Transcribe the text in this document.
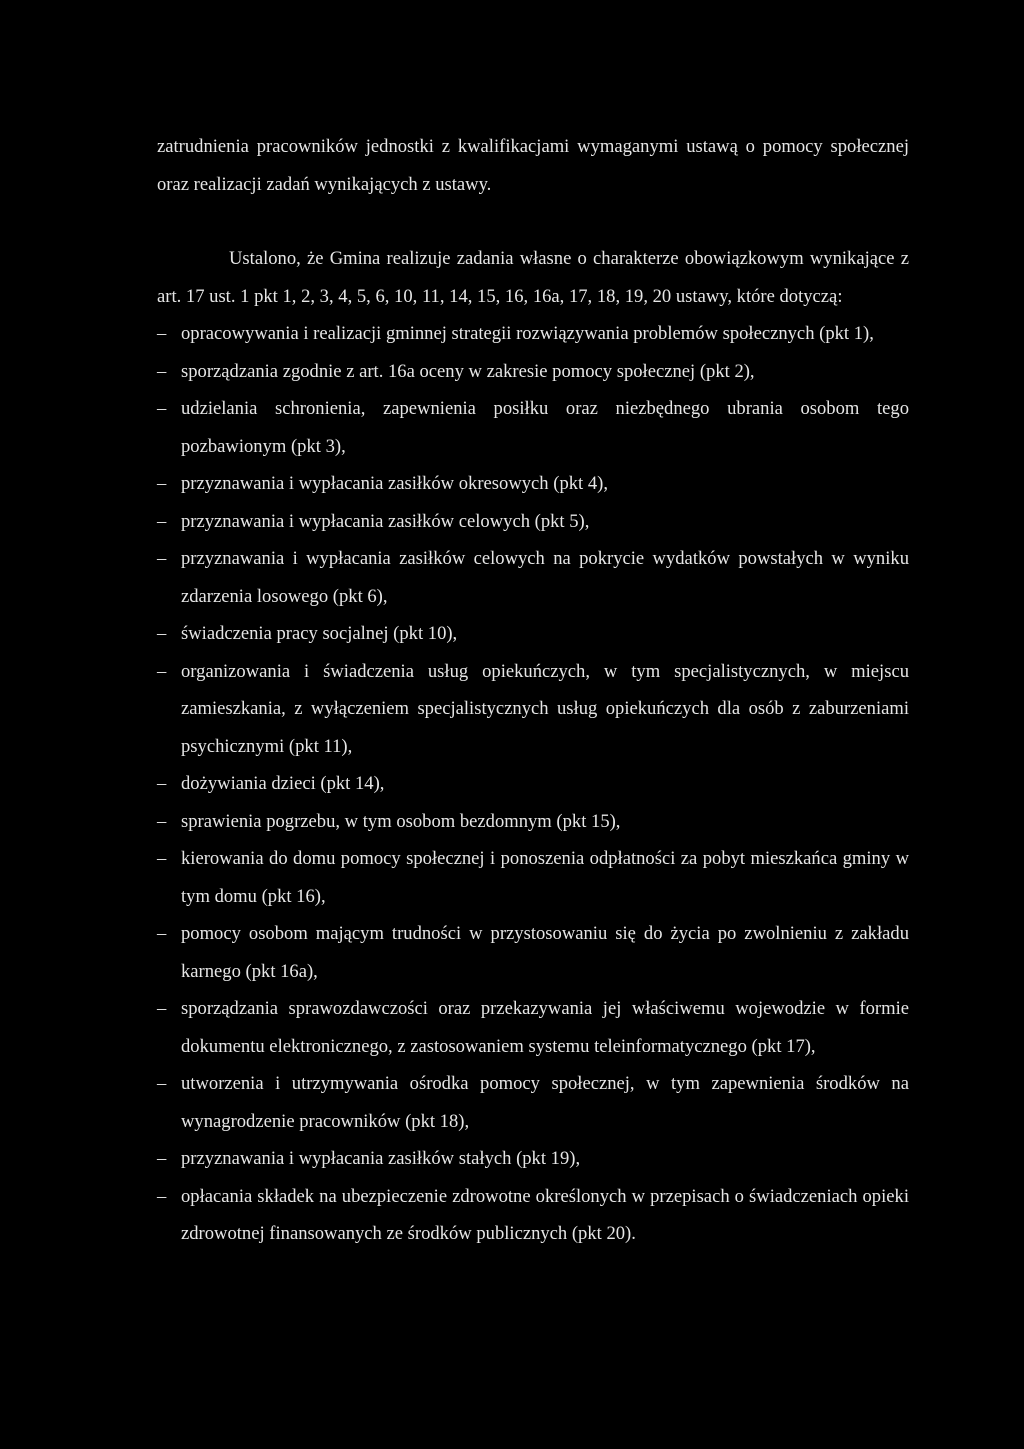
zatrudnienia pracowników jednostki z kwalifikacjami wymaganymi ustawą o pomocy społecznej oraz realizacji zadań wynikających z ustawy.

Ustalono, że Gmina realizuje zadania własne o charakterze obowiązkowym wynikające z art. 17 ust. 1 pkt 1, 2, 3, 4, 5, 6, 10, 11, 14, 15, 16, 16a, 17, 18, 19, 20 ustawy, które dotyczą:

– opracowywania i realizacji gminnej strategii rozwiązywania problemów społecznych (pkt 1),
– sporządzania zgodnie z art. 16a oceny w zakresie pomocy społecznej (pkt 2),
– udzielania schronienia, zapewnienia posiłku oraz niezbędnego ubrania osobom tego pozbawionym (pkt 3),
– przyznawania i wypłacania zasiłków okresowych (pkt 4),
– przyznawania i wypłacania zasiłków celowych (pkt 5),
– przyznawania i wypłacania zasiłków celowych na pokrycie wydatków powstałych w wyniku zdarzenia losowego (pkt 6),
– świadczenia pracy socjalnej (pkt 10),
– organizowania i świadczenia usług opiekuńczych, w tym specjalistycznych, w miejscu zamieszkania, z wyłączeniem specjalistycznych usług opiekuńczych dla osób z zaburzeniami psychicznymi (pkt 11),
– dożywiania dzieci (pkt 14),
– sprawienia pogrzebu, w tym osobom bezdomnym (pkt 15),
– kierowania do domu pomocy społecznej i ponoszenia odpłatności za pobyt mieszkańca gminy w tym domu (pkt 16),
– pomocy osobom mającym trudności w przystosowaniu się do życia po zwolnieniu z zakładu karnego (pkt 16a),
– sporządzania sprawozdawczości oraz przekazywania jej właściwemu wojewodzie w formie dokumentu elektronicznego, z zastosowaniem systemu teleinformatycznego (pkt 17),
– utworzenia i utrzymywania ośrodka pomocy społecznej, w tym zapewnienia środków na wynagrodzenie pracowników (pkt 18),
– przyznawania i wypłacania zasiłków stałych (pkt 19),
– opłacania składek na ubezpieczenie zdrowotne określonych w przepisach o świadczeniach opieki zdrowotnej finansowanych ze środków publicznych (pkt 20).
